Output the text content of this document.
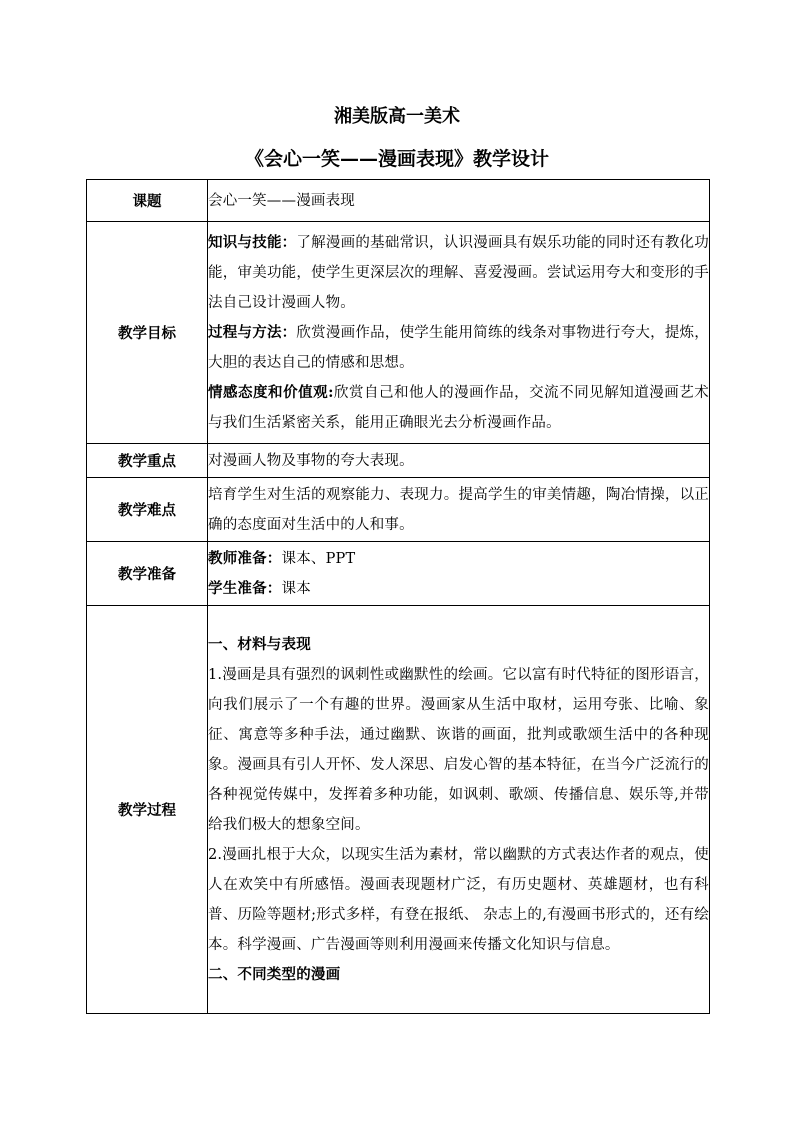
湘美版高一美术
《会心一笑——漫画表现》教学设计
课题	会心一笑——漫画表现

教学目标	知识与技能：了解漫画的基础常识，认识漫画具有娱乐功能的同时还有教化功能，审美功能，使学生更深层次的理解、喜爱漫画。尝试运用夸大和变形的手法自己设计漫画人物。

过程与方法：欣赏漫画作品，使学生能用简练的线条对事物进行夸大，提炼，大胆的表达自己的情感和思想。

情感态度和价值观:欣赏自己和他人的漫画作品，交流不同见解知道漫画艺术与我们生活紧密关系，能用正确眼光去分析漫画作品。

教学重点	对漫画人物及事物的夸大表现。

教学难点	培育学生对生活的观察能力、表现力。提高学生的审美情趣，陶冶情操，以正确的态度面对生活中的人和事。

教学准备	教师准备：课本、PPT

学生准备：课本

教学过程	一、材料与表现

1.漫画是具有强烈的讽刺性或幽默性的绘画。它以富有时代特征的图形语言，向我们展示了一个有趣的世界。漫画家从生活中取材，运用夸张、比喻、象征、寓意等多种手法，通过幽默、诙谐的画面，批判或歌颂生活中的各种现象。漫画具有引人开怀、发人深思、启发心智的基本特征，在当今广泛流行的各种视觉传媒中，发挥着多种功能，如讽刺、歌颂、传播信息、娱乐等,并带给我们极大的想象空间。

2.漫画扎根于大众，以现实生活为素材，常以幽默的方式表达作者的观点，使人在欢笑中有所感悟。漫画表现题材广泛，有历史题材、英雄题材，也有科普、历险等题材;形式多样，有登在报纸、 杂志上的,有漫画书形式的，还有绘本。科学漫画、广告漫画等则利用漫画来传播文化知识与信息。

二、不同类型的漫画
